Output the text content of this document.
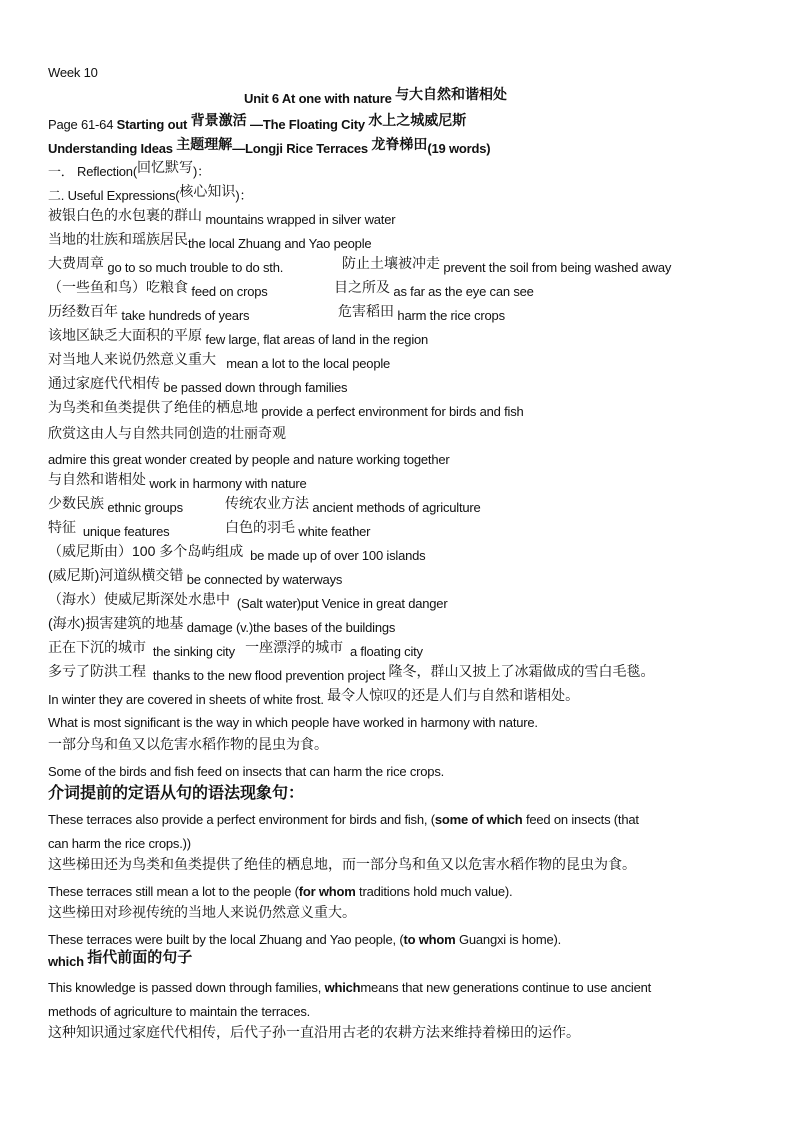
Week 10
Unit 6 At one with nature 与大自然和谐相处
Page 61-64 Starting out 背景激活 —The Floating City 水上之城威尼斯
Understanding Ideas 主题理解—Longji Rice Terraces 龙脊梯田(19 words)
一． Reflection(回忆默写)：
二. Useful Expressions(核心知识)：
被银白色的水包裹的群山 mountains wrapped in silver water
当地的壮族和瑶族居民the local Zhuang and Yao people
大费周章 go to so much trouble to do sth.	防止土壤被冲走 prevent the soil from being washed away
（一些鱼和鸟）吃粮食 feed on crops	目之所及 as far as the eye can see
历经数百年 take hundreds of years	危害稻田 harm the rice crops
该地区缺乏大面积的平原 few large, flat areas of land in the region
对当地人来说仍然意义重大 mean a lot to the local people
通过家庭代代相传 be passed down through families
为鸟类和鱼类提供了绝佳的栖息地 provide a perfect environment for birds and fish
欣赏这由人与自然共同创造的壮丽奇观
admire this great wonder created by people and nature working together
与自然和谐相处 work in harmony with nature
少数民族 ethnic groups	传统农业方法 ancient methods of agriculture
特征 unique features	白色的羽毛 white feather
（威尼斯由）100 多个岛屿组成 be made up of over 100 islands
(威尼斯)河道纵横交错 be connected by waterways
（海水）使威尼斯深处水患中 (Salt water)put Venice in great danger
(海水)损害建筑的地基 damage (v.)the bases of the buildings
正在下沉的城市 the sinking city 一座漂浮的城市 a floating city
多亏了防洪工程 thanks to the new flood prevention project 隆冬，群山又披上了冰霜做成的雪白毛毯。
In winter they are covered in sheets of white frost. 最令人惊叹的还是人们与自然和谐相处。
What is most significant is the way in which people have worked in harmony with nature.
一部分鸟和鱼又以危害水稻作物的昆虫为食。
Some of the birds and fish feed on insects that can harm the rice crops.
介词提前的定语从句的语法现象句：
These terraces also provide a perfect environment for birds and fish, (some of which feed on insects (that
can harm the rice crops.))
这些梯田还为鸟类和鱼类提供了绝佳的栖息地，而一部分鸟和鱼又以危害水稻作物的昆虫为食。
These terraces still mean a lot to the people (for whom traditions hold much value).
这些梯田对珍视传统的当地人来说仍然意义重大。
These terraces were built by the local Zhuang and Yao people, (to whom Guangxi is home).
which 指代前面的句子
This knowledge is passed down through families, whichmeans that new generations continue to use ancient
methods of agriculture to maintain the terraces.
这种知识通过家庭代代相传，后代子孙一直沿用古老的农耕方法来维持着梯田的运作。
